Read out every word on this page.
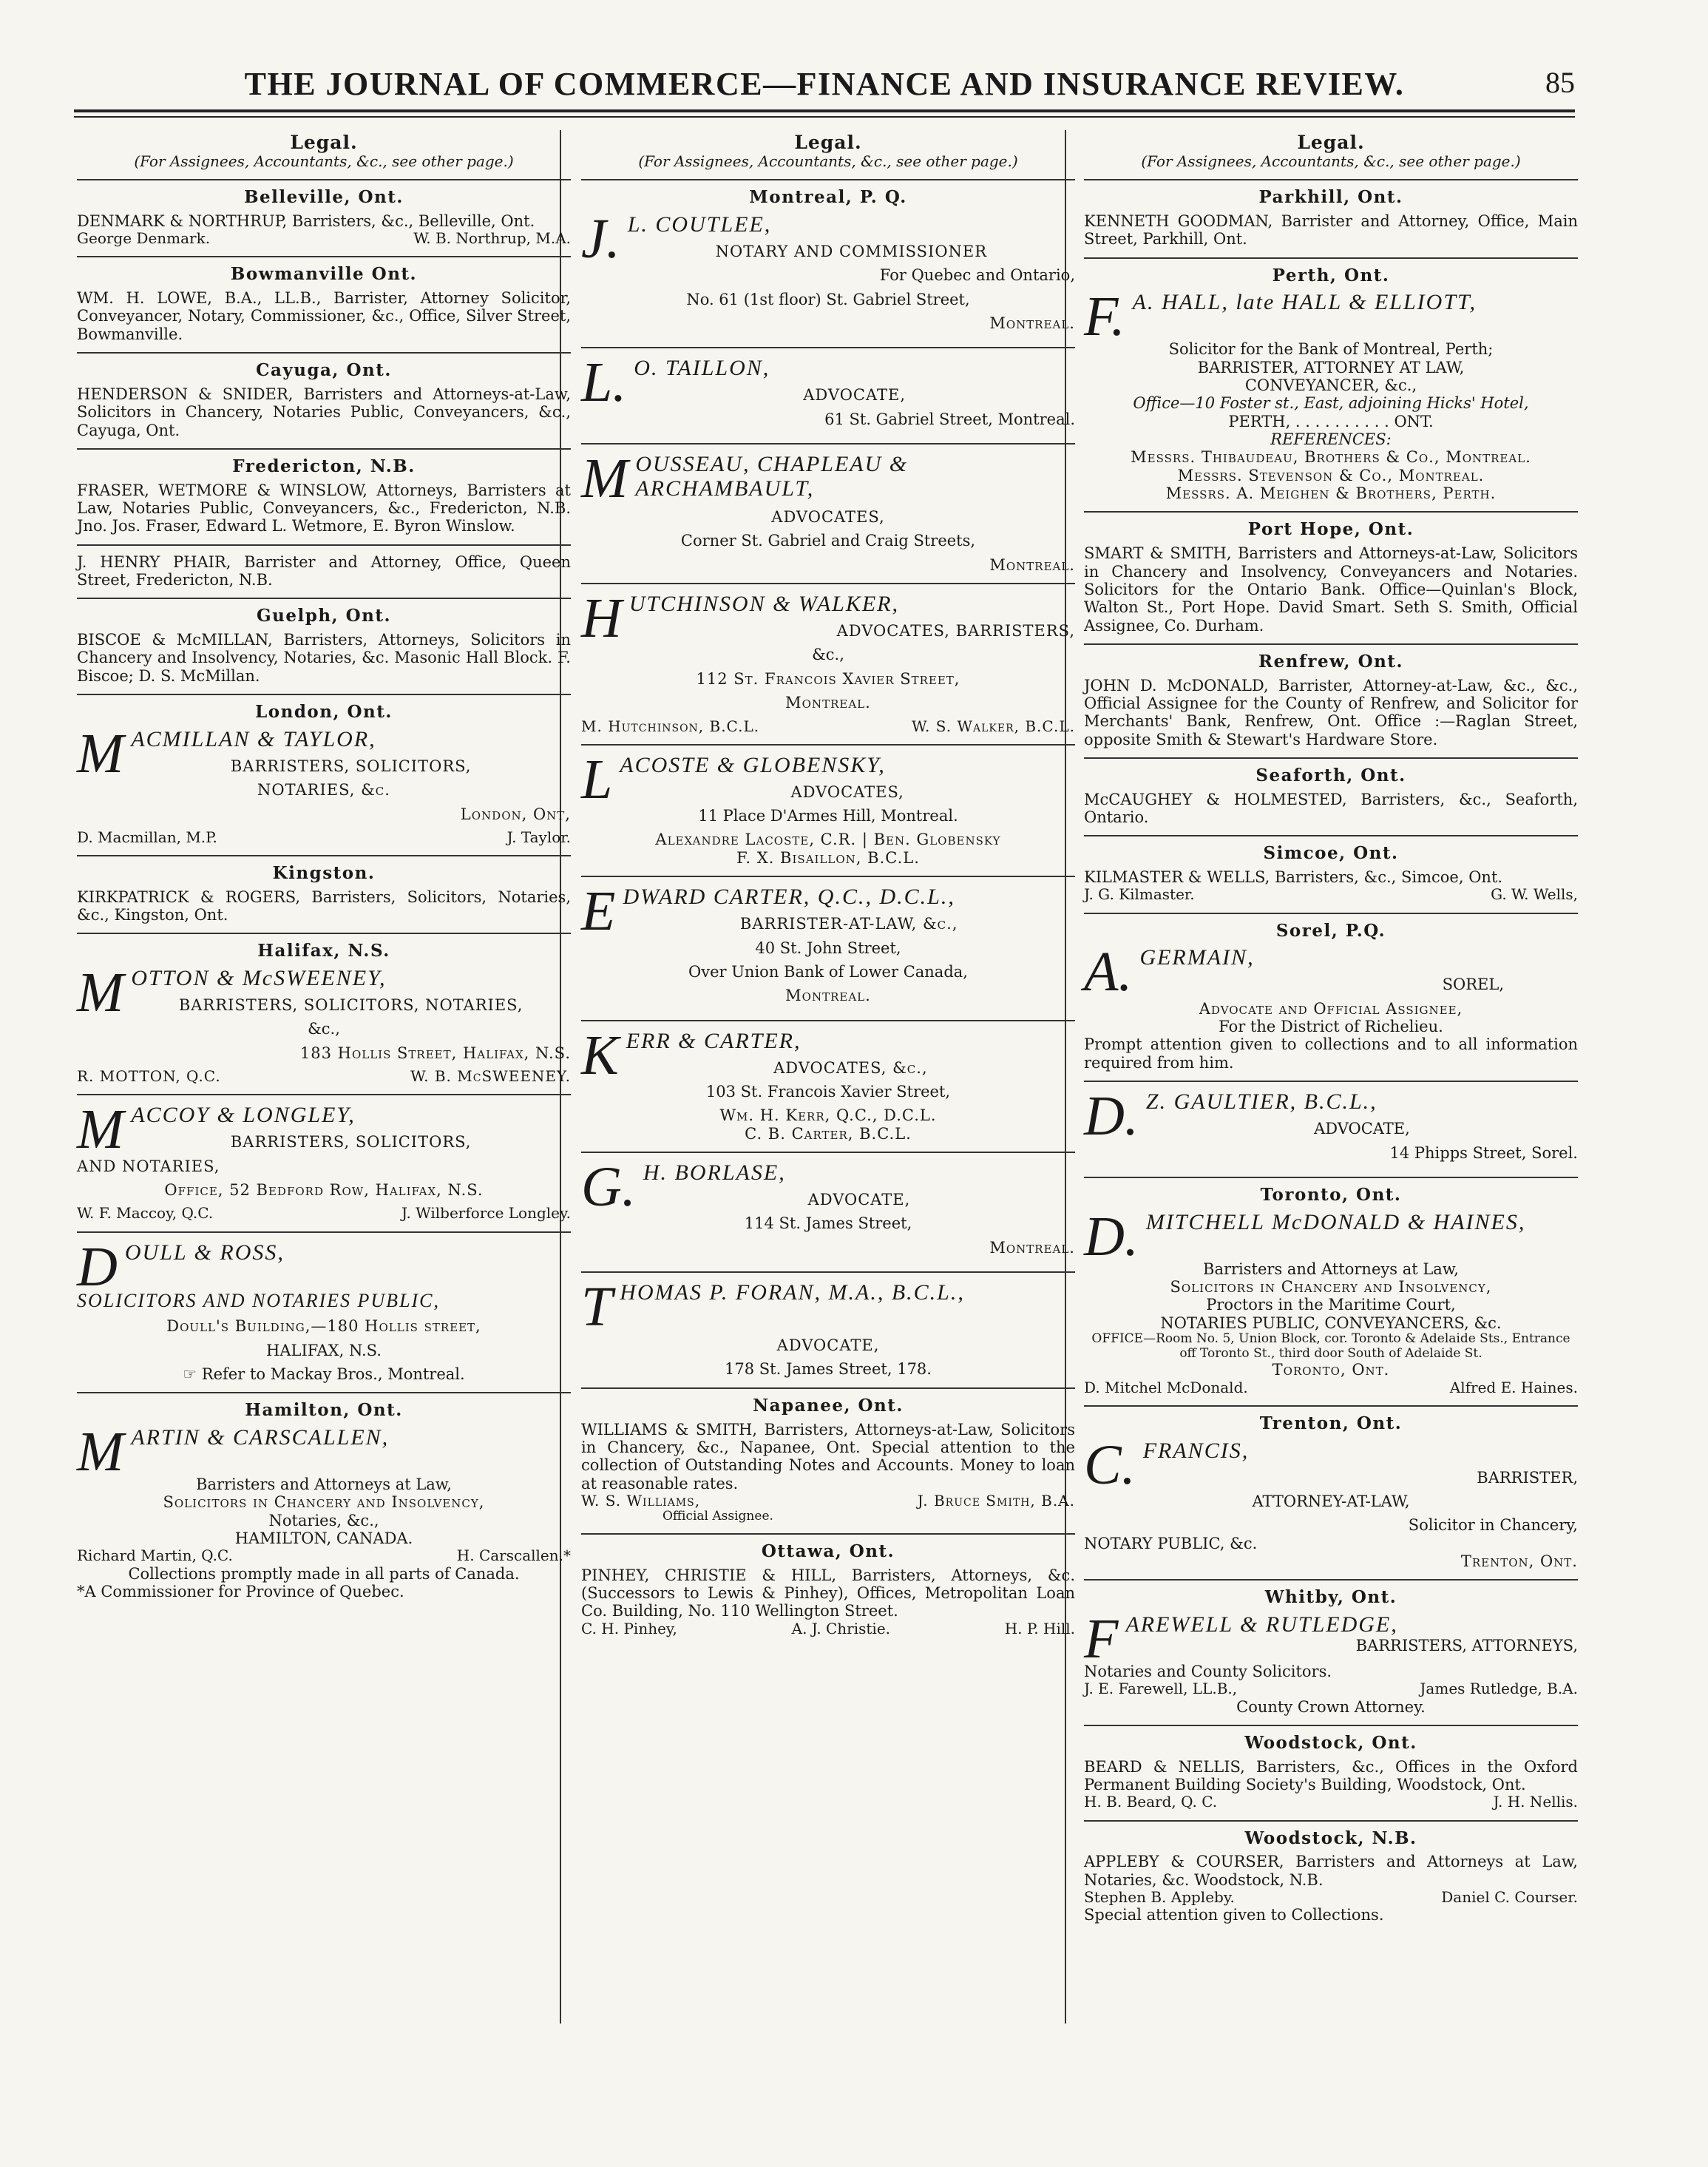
THE JOURNAL OF COMMERCE—FINANCE AND INSURANCE REVIEW.	85
Legal.
(For Assignees, Accountants, &c., see other page.)
Belleville, Ont.
DENMARK & NORTHRUP, Barristers, &c., Belleville, Ont.
George Denmark.	W. B. Northrup, M.A.
Bowmanville Ont.
WM. H. LOWE, B.A., LL.B., Barrister, Attorney Solicitor, Conveyancer, Notary, Commissioner, &c., Office, Silver Street, Bowmanville.
Cayuga, Ont.
HENDERSON & SNIDER, Barristers and Attorneys-at-Law, Solicitors in Chancery, Notaries Public, Conveyancers, &c., Cayuga, Ont.
Fredericton, N.B.
FRASER, WETMORE & WINSLOW, Attorneys, Barristers at Law, Notaries Public, Conveyancers, &c., Fredericton, N.B. Jno. Jos. Fraser, Edward L. Wetmore, E. Byron Winslow.
J. HENRY PHAIR, Barrister and Attorney, Office, Queen Street, Fredericton, N.B.
Guelph, Ont.
BISCOE & McMILLAN, Barristers, Attorneys, Solicitors in Chancery and Insolvency, Notaries, &c. Masonic Hall Block. F. Biscoe; D. S. McMillan.
London, Ont.
M ACMILLAN & TAYLOR,
BARRISTERS, SOLICITORS,
NOTARIES, &c.
London, Ont,
D. Macmillan, M.P.	J. Taylor.
Kingston.
KIRKPATRICK & ROGERS, Barristers, Solicitors, Notaries, &c., Kingston, Ont.
Halifax, N.S.
M OTTON & McSWEENEY,
BARRISTERS, SOLICITORS, NOTARIES,
&c.,
183 Hollis Street, Halifax, N.S.
R. MOTTON, Q.C.	W. B. McSWEENEY.
M ACCOY & LONGLEY,
BARRISTERS, SOLICITORS,
AND NOTARIES,
Office, 52 Bedford Row, Halifax, N.S.
W. F. Maccoy, Q.C.	J. Wilberforce Longley.
D OULL & ROSS,
SOLICITORS AND NOTARIES PUBLIC,
Doull's Building,—180 Hollis street,
HALIFAX, N.S.
☞ Refer to Mackay Bros., Montreal.
Hamilton, Ont.
M ARTIN & CARSCALLEN,
Barristers and Attorneys at Law,
Solicitors in Chancery and Insolvency,
Notaries, &c.,
HAMILTON, CANADA.
Richard Martin, Q.C.	H. Carscallen.*
Collections promptly made in all parts of Canada.
*A Commissioner for Province of Quebec.
Legal.
(For Assignees, Accountants, &c., see other page.)
Montreal, P. Q.
J. L. COUTLEE,
NOTARY AND COMMISSIONER
For Quebec and Ontario,
No. 61 (1st floor) St. Gabriel Street,
Montreal.
L. O. TAILLON,
ADVOCATE,
61 St. Gabriel Street, Montreal.
M OUSSEAU, CHAPLEAU & ARCHAMBAULT,
ADVOCATES,
Corner St. Gabriel and Craig Streets,
Montreal.
H UTCHINSON & WALKER,
ADVOCATES, BARRISTERS,
&c.,
112 St. Francois Xavier Street,
Montreal.
M. Hutchinson, B.C.L.	W. S. Walker, B.C.L.
L ACOSTE & GLOBENSKY,
ADVOCATES,
11 Place D'Armes Hill, Montreal.
Alexandre Lacoste, C.R. | Ben. Globensky
F. X. Bisaillon, B.C.L.
E DWARD CARTER, Q.C., D.C.L.,
BARRISTER-AT-LAW, &c.,
40 St. John Street,
Over Union Bank of Lower Canada,
Montreal.
K ERR & CARTER,
ADVOCATES, &c.,
103 St. Francois Xavier Street,
Wm. H. Kerr, Q.C., D.C.L.
C. B. Carter, B.C.L.
G. H. BORLASE,
ADVOCATE,
114 St. James Street,
Montreal.
T HOMAS P. FORAN, M.A., B.C.L.,
ADVOCATE,
178 St. James Street, 178.
Napanee, Ont.
WILLIAMS & SMITH, Barristers, Attorneys-at-Law, Solicitors in Chancery, &c., Napanee, Ont. Special attention to the collection of Outstanding Notes and Accounts. Money to loan at reasonable rates.
W. S. Williams,	J. Bruce Smith, B.A.
Official Assignee.
Ottawa, Ont.
PINHEY, CHRISTIE & HILL, Barristers, Attorneys, &c. (Successors to Lewis & Pinhey), Offices, Metropolitan Loan Co. Building, No. 110 Wellington Street.
C. H. Pinhey,	A. J. Christie.	H. P. Hill.
Legal.
(For Assignees, Accountants, &c., see other page.)
Parkhill, Ont.
KENNETH GOODMAN, Barrister and Attorney, Office, Main Street, Parkhill, Ont.
Perth, Ont.
F. A. HALL, late HALL & ELLIOTT,
Solicitor for the Bank of Montreal, Perth;
BARRISTER, ATTORNEY AT LAW,
CONVEYANCER, &c.,
Office—10 Foster st., East, adjoining Hicks' Hotel,
PERTH, . . . . . . . . . . ONT.
REFERENCES:
Messrs. Thibaudeau, Brothers & Co., Montreal.
Messrs. Stevenson & Co., Montreal.
Messrs. A. Meighen & Brothers, Perth.
Port Hope, Ont.
SMART & SMITH, Barristers and Attorneys-at-Law, Solicitors in Chancery and Insolvency, Conveyancers and Notaries. Solicitors for the Ontario Bank. Office—Quinlan's Block, Walton St., Port Hope. David Smart. Seth S. Smith, Official Assignee, Co. Durham.
Renfrew, Ont.
JOHN D. McDONALD, Barrister, Attorney-at-Law, &c., &c., Official Assignee for the County of Renfrew, and Solicitor for Merchants' Bank, Renfrew, Ont. Office :—Raglan Street, opposite Smith & Stewart's Hardware Store.
Seaforth, Ont.
McCAUGHEY & HOLMESTED, Barristers, &c., Seaforth, Ontario.
Simcoe, Ont.
KILMASTER & WELLS, Barristers, &c., Simcoe, Ont.
J. G. Kilmaster.	G. W. Wells,
Sorel, P.Q.
A. GERMAIN,
SOREL,
Advocate and Official Assignee,
For the District of Richelieu.
Prompt attention given to collections and to all information required from him.
D. Z. GAULTIER, B.C.L.,
ADVOCATE,
14 Phipps Street, Sorel.
Toronto, Ont.
D. MITCHELL McDONALD & HAINES,
Barristers and Attorneys at Law,
Solicitors in Chancery and Insolvency,
Proctors in the Maritime Court,
NOTARIES PUBLIC, CONVEYANCERS, &c.
OFFICE—Room No. 5, Union Block, cor. Toronto & Adelaide Sts., Entrance off Toronto St., third door South of Adelaide St.
Toronto, Ont.
D. Mitchel McDonald.	Alfred E. Haines.
Trenton, Ont.
C. FRANCIS,
BARRISTER,
ATTORNEY-AT-LAW,
Solicitor in Chancery,
NOTARY PUBLIC, &c.
Trenton, Ont.
Whitby, Ont.
F AREWELL & RUTLEDGE,
BARRISTERS, ATTORNEYS,
Notaries and County Solicitors.
J. E. Farewell, LL.B.,	James Rutledge, B.A.
County Crown Attorney.
Woodstock, Ont.
BEARD & NELLIS, Barristers, &c., Offices in the Oxford Permanent Building Society's Building, Woodstock, Ont.
H. B. Beard, Q. C.	J. H. Nellis.
Woodstock, N.B.
APPLEBY & COURSER, Barristers and Attorneys at Law, Notaries, &c. Woodstock, N.B.
Stephen B. Appleby.	Daniel C. Courser.
Special attention given to Collections.
